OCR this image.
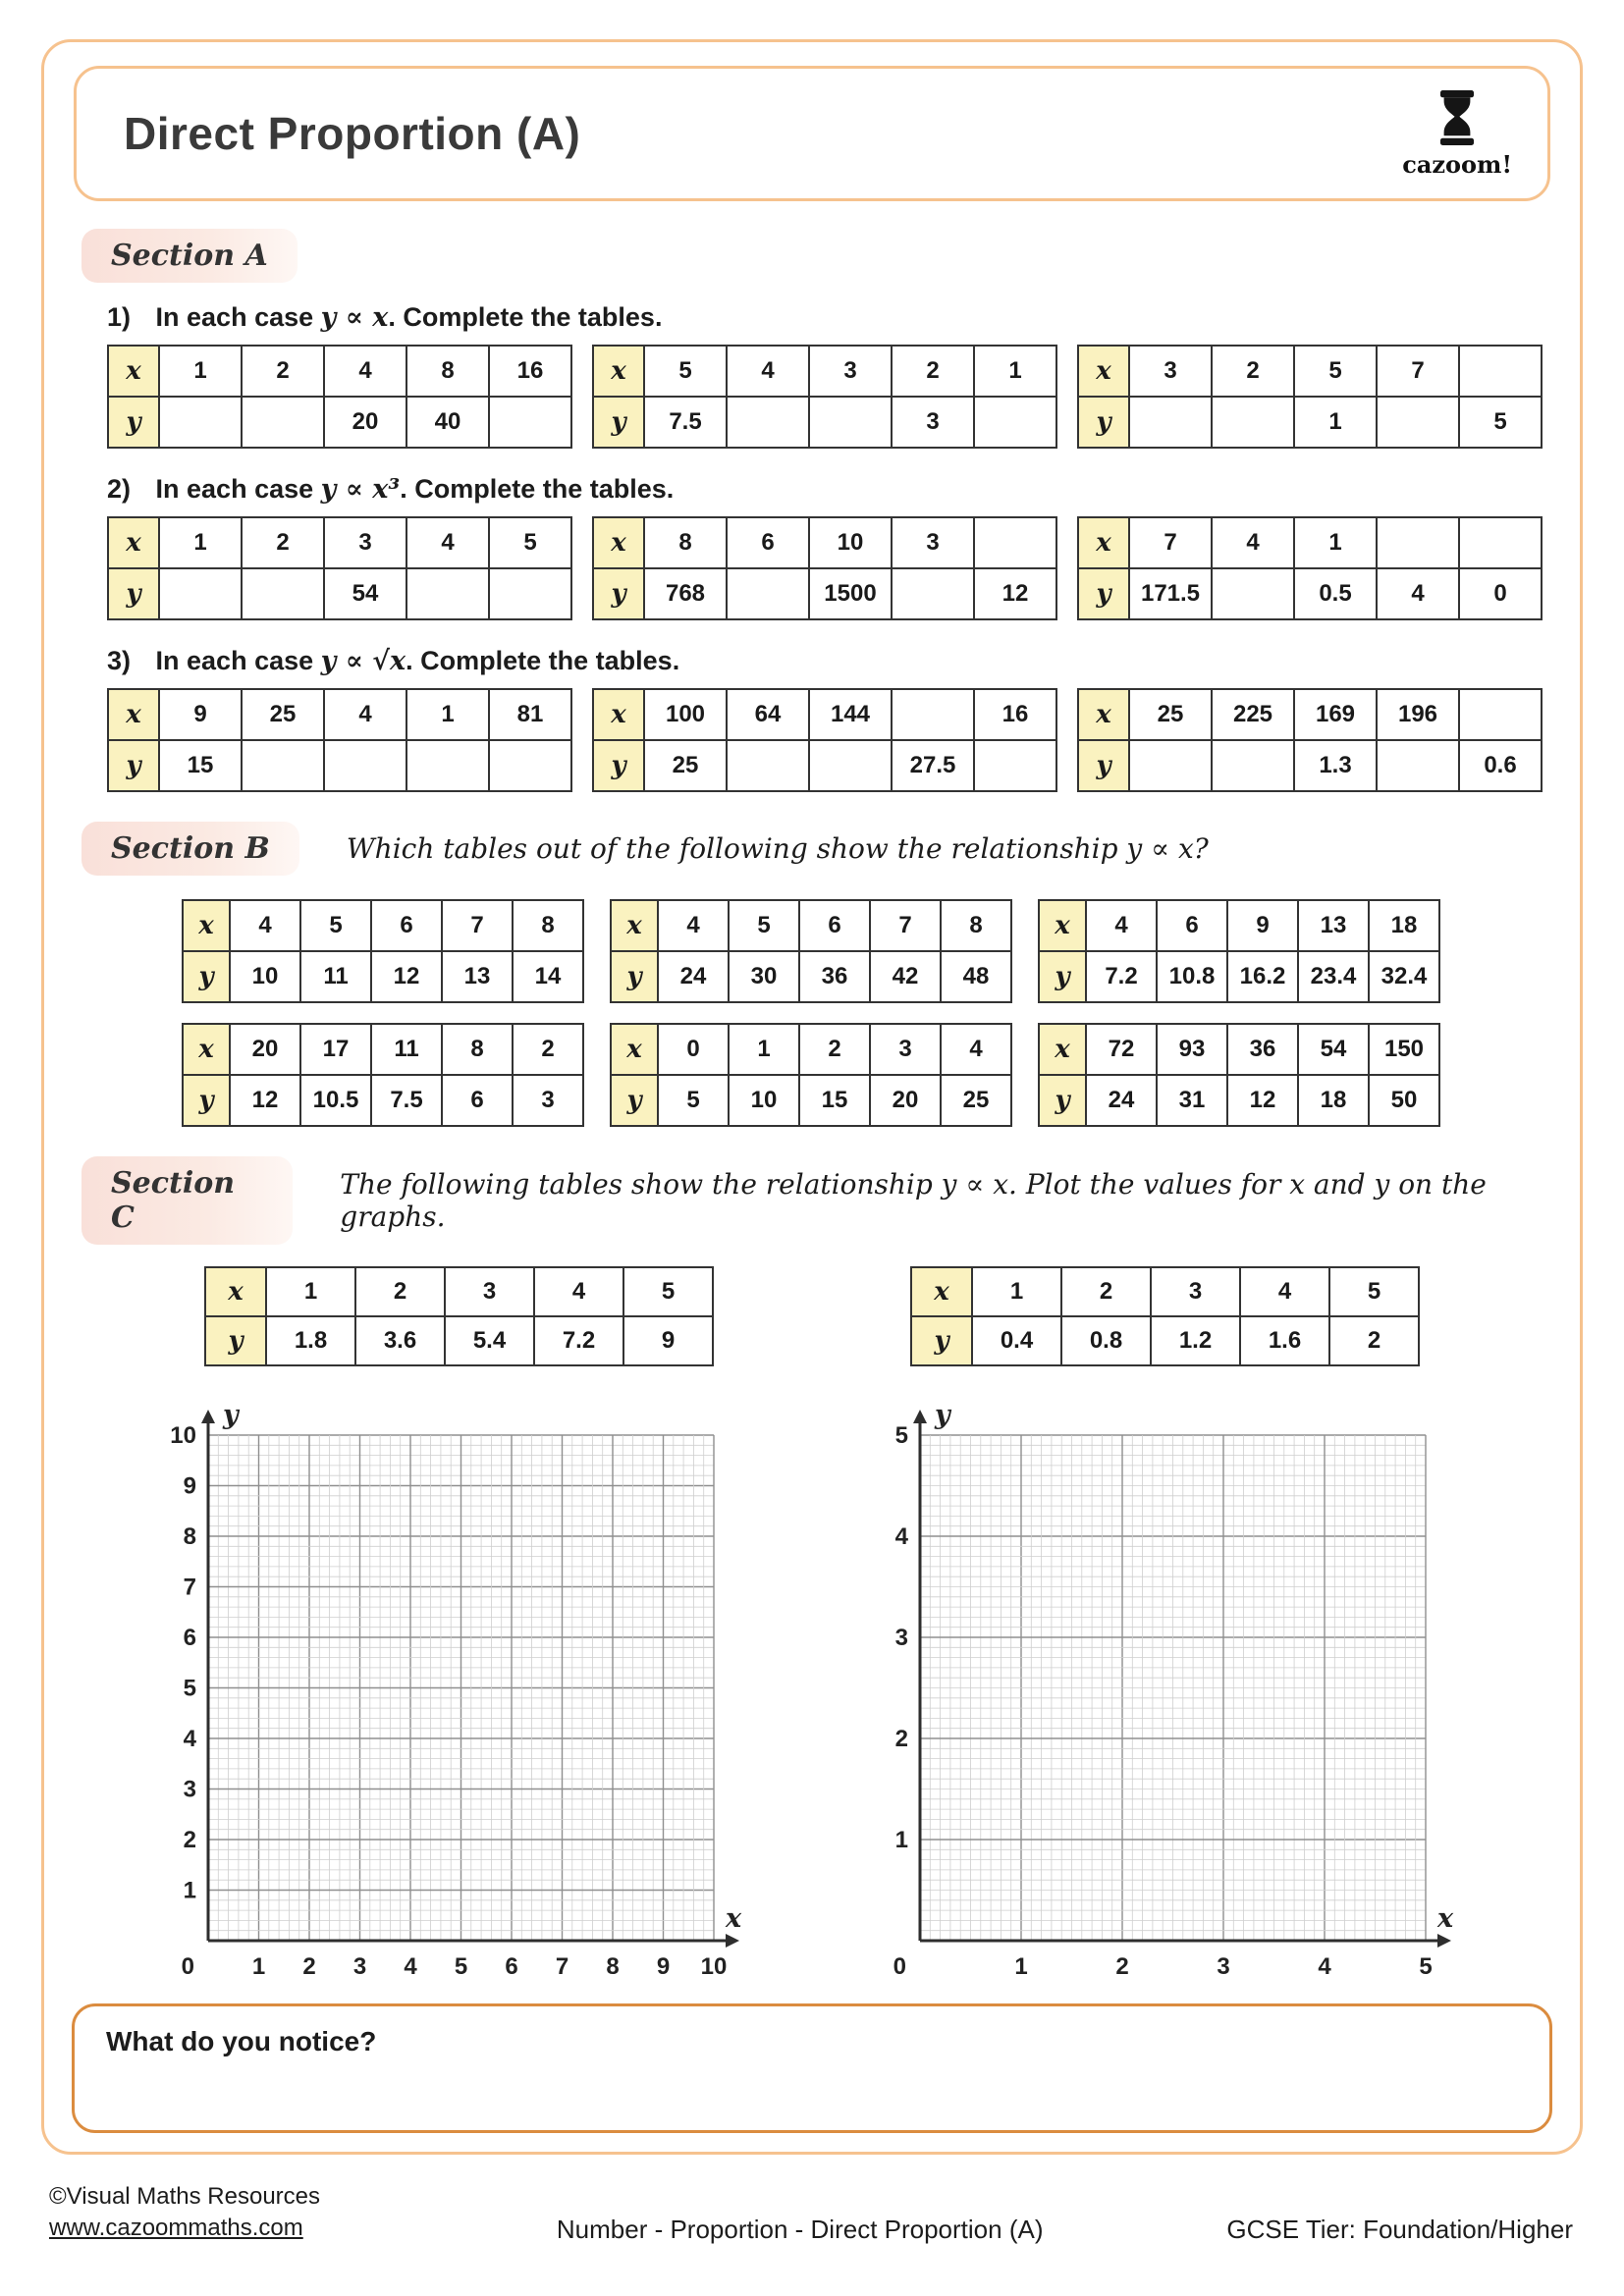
Direct Proportion (A)
cazoom!
Section A
1) In each case y ∝ x. Complete the tables.
x	1	2	4	8	16
y			20	40	
x	5	4	3	2	1
y	7.5			3	
x	3	2	5	7	
y			1		5
2) In each case y ∝ x³. Complete the tables.
x	1	2	3	4	5
y			54		
x	8	6	10	3	
y	768		1500		12
x	7	4	1		
y	171.5		0.5	4	0
3) In each case y ∝ √x. Complete the tables.
x	9	25	4	1	81
y	15				
x	100	64	144		16
y	25			27.5	
x	25	225	169	196	
y			1.3		0.6
Section B	Which tables out of the following show the relationship y ∝ x?
x	4	5	6	7	8
y	10	11	12	13	14
x	4	5	6	7	8
y	24	30	36	42	48
x	4	6	9	13	18
y	7.2	10.8	16.2	23.4	32.4
x	20	17	11	8	2
y	12	10.5	7.5	6	3
x	0	1	2	3	4
y	5	10	15	20	25
x	72	93	36	54	150
y	24	31	12	18	50
Section C
The following tables show the relationship y ∝ x. Plot the values for x and y on the graphs.
x	1	2	3	4	5
y	1.8	3.6	5.4	7.2	9
x	1	2	3	4	5
y	0.4	0.8	1.2	1.6	2
y
x
0
1
1
2
2
3
3
4
4
5
5
6
6
7
7
8
8
9
9
10
10
y
x
0
1
1
2
2
3
3
4
4
5
5
What do you notice?
©Visual Maths Resources
www.cazoommaths.com	Number - Proportion - Direct Proportion (A)	GCSE Tier: Foundation/Higher
